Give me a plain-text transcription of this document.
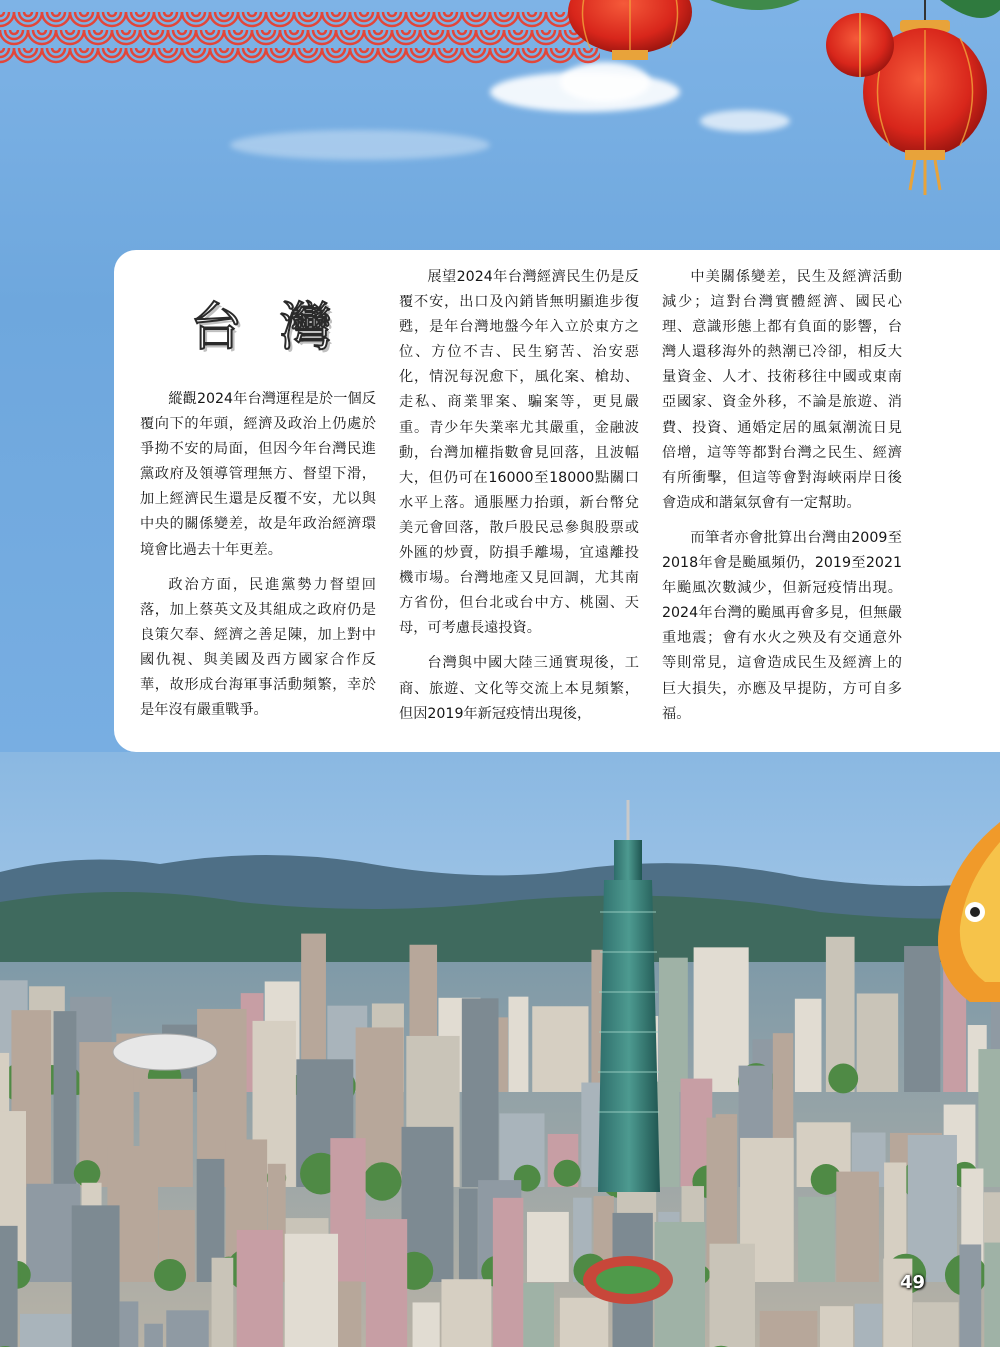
台灣

縱觀2024年台灣運程是於一個反覆向下的年頭，經濟及政治上仍處於爭拗不安的局面，但因今年台灣民進黨政府及領導管理無方、督望下滑，加上經濟民生還是反覆不安，尤以與中央的關係變差，故是年政治經濟環境會比過去十年更差。

政治方面，民進黨勢力督望回落，加上蔡英文及其組成之政府仍是良策欠奉、經濟之善足陳，加上對中國仇視、與美國及西方國家合作反華，故形成台海軍事活動頻繁，幸於是年沒有嚴重戰爭。

展望2024年台灣經濟民生仍是反覆不安，出口及內銷皆無明顯進步復甦，是年台灣地盤今年入立於東方之位、方位不吉、民生窮苦、治安惡化，情況每況愈下，風化案、槍劫、走私、商業罪案、騙案等，更見嚴重。青少年失業率尤其嚴重，金融波動，台灣加權指數會見回落，且波幅大，但仍可在16000至18000點關口水平上落。通脹壓力抬頭，新台幣兌美元會回落，散戶股民忌參與股票或外匯的炒賣，防損手離場，宜遠離投機市場。台灣地產又見回調，尤其南方省份，但台北或台中方、桃園、天母，可考慮長遠投資。

台灣與中國大陸三通實現後，工商、旅遊、文化等交流上本見頻繁，但因2019年新冠疫情出現後，

中美關係變差，民生及經濟活動減少；這對台灣實體經濟、國民心理、意識形態上都有負面的影響，台灣人還移海外的熱潮已冷卻，相反大量資金、人才、技術移往中國或東南亞國家、資金外移，不論是旅遊、消費、投資、通婚定居的風氣潮流日見倍增，這等等都對台灣之民生、經濟有所衝擊，但這等會對海峽兩岸日後會造成和諧氣氛會有一定幫助。

而筆者亦會批算出台灣由2009至2018年會是颱風頻仍，2019至2021年颱風次數減少，但新冠疫情出現。2024年台灣的颱風再會多見，但無嚴重地震；會有水火之殃及有交通意外等則常見，這會造成民生及經濟上的巨大損失，亦應及早提防，方可自多福。

49
